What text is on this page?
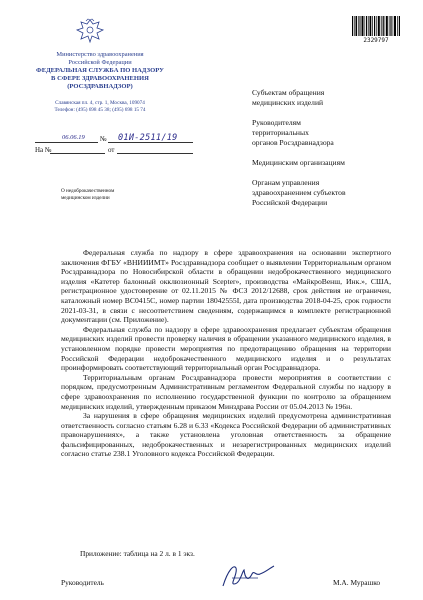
Министерство здравоохранения
Российской Федерации
ФЕДЕРАЛЬНАЯ СЛУЖБА ПО НАДЗОРУ
В СФЕРЕ ЗДРАВООХРАНЕНИЯ
(РОСЗДРАВНАДЗОР)
Славянская пл. 4, стр. 1, Москва, 109074
Телефон: (495) 698 45 38; (495) 698 15 74
06.06.19 № 01И-2511/19
На №	от
2329797
Субъектам обращения
медицинских изделий
Руководителям
территориальных
органов Росздравнадзора
Медицинским организациям
Органам управления
здравоохранением субъектов
Российской Федерации
О недоброкачественном
медицинском изделии

Федеральная служба по надзору в сфере здравоохранения на основании экспертного заключения ФГБУ «ВНИИИМТ» Росздравнадзора сообщает о выявлении Территориальным органом Росздравнадзора по Новосибирской области в обращении недоброкачественного медицинского изделия «Катетер балонный окклюзионный Scepter», производства «МайкроВенш, Инк.», США, регистрационное удостоверение от 02.11.2015 № ФСЗ 2012/12688, срок действия не ограничен, каталожный номер BC0415C, номер партии 18042555I, дата производства 2018-04-25, срок годности 2021-03-31, в связи с несоответствием сведениям, содержащимся в комплекте регистрационной документации (см. Приложение).

Федеральная служба по надзору в сфере здравоохранения предлагает субъектам обращения медицинских изделий провести проверку наличия в обращении указанного медицинского изделия, в установленном порядке провести мероприятия по предотвращению обращения на территории Российской Федерации недоброкачественного медицинского изделия и о результатах проинформировать соответствующий территориальный орган Росздравнадзора.

Территориальным органам Росздравнадзора провести мероприятия в соответствии с порядком, предусмотренным Административным регламентом Федеральной службы по надзору в сфере здравоохранения по исполнению государственной функции по контролю за обращением медицинских изделий, утвержденным приказом Минздрава России от 05.04.2013 № 196н.

За нарушения в сфере обращения медицинских изделий предусмотрена административная ответственность согласно статьям 6.28 и 6.33 «Кодекса Российской Федерации об административных правонарушениях», а также установлена уголовная ответственность за обращение фальсифицированных, недоброкачественных и незарегистрированных медицинских изделий согласно статье 238.1 Уголовного кодекса Российской Федерации.

Приложение: таблица на 2 л. в 1 экз.
Руководитель	М.А. Мурашко
